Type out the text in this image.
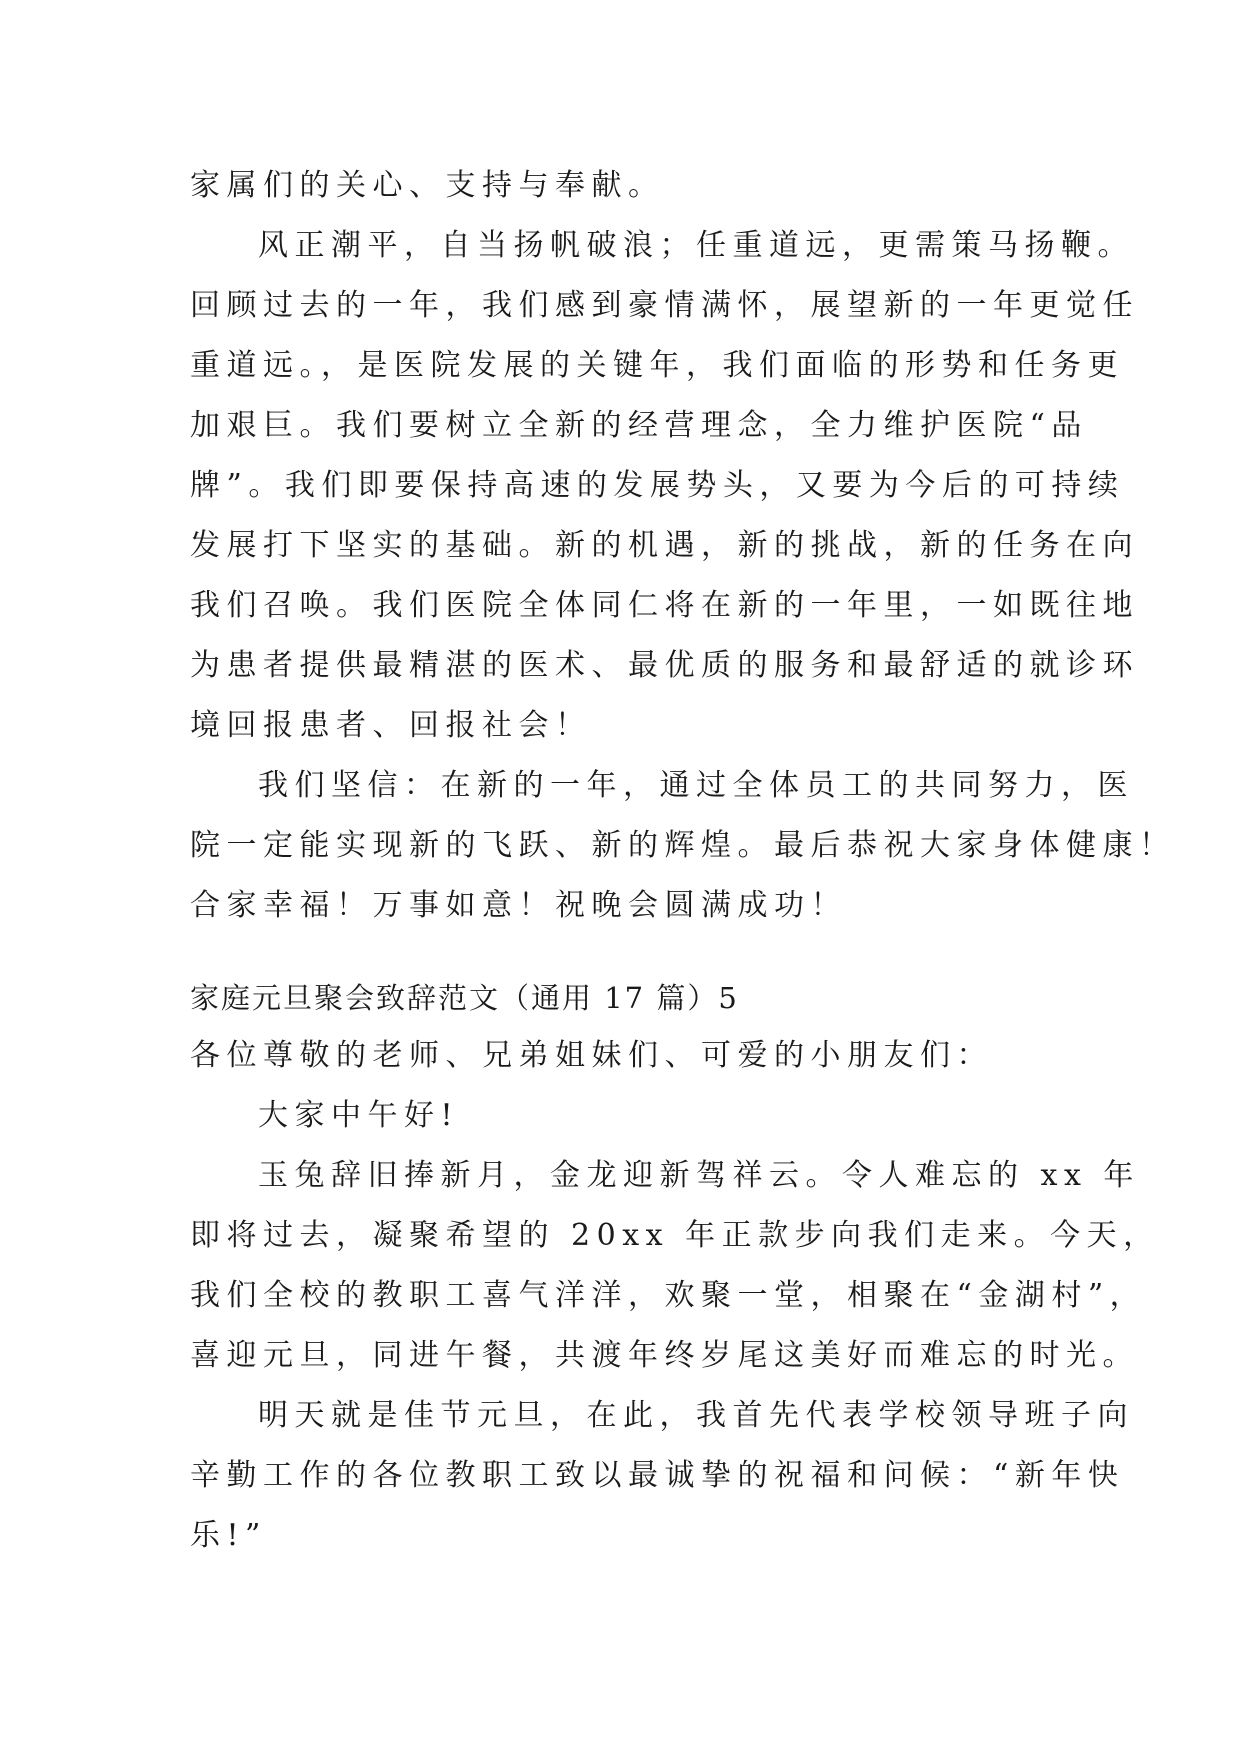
家属们的关心、支持与奉献。
风正潮平，自当扬帆破浪；任重道远，更需策马扬鞭。
回顾过去的一年，我们感到豪情满怀，展望新的一年更觉任
重道远。，是医院发展的关键年，我们面临的形势和任务更
加艰巨。我们要树立全新的经营理念，全力维护医院“品
牌”。我们即要保持高速的发展势头，又要为今后的可持续
发展打下坚实的基础。新的机遇，新的挑战，新的任务在向
我们召唤。我们医院全体同仁将在新的一年里，一如既往地
为患者提供最精湛的医术、最优质的服务和最舒适的就诊环
境回报患者、回报社会！
我们坚信：在新的一年，通过全体员工的共同努力，医
院一定能实现新的飞跃、新的辉煌。最后恭祝大家身体健康！
合家幸福！万事如意！祝晚会圆满成功！
家庭元旦聚会致辞范文（通用 17 篇）5
各位尊敬的老师、兄弟姐妹们、可爱的小朋友们：
大家中午好!
玉兔辞旧捧新月，金龙迎新驾祥云。令人难忘的 xx 年
即将过去，凝聚希望的 20xx 年正款步向我们走来。今天，
我们全校的教职工喜气洋洋，欢聚一堂，相聚在“金湖村”，
喜迎元旦，同进午餐，共渡年终岁尾这美好而难忘的时光。
明天就是佳节元旦，在此，我首先代表学校领导班子向
辛勤工作的各位教职工致以最诚挚的祝福和问候：“新年快
乐!”
